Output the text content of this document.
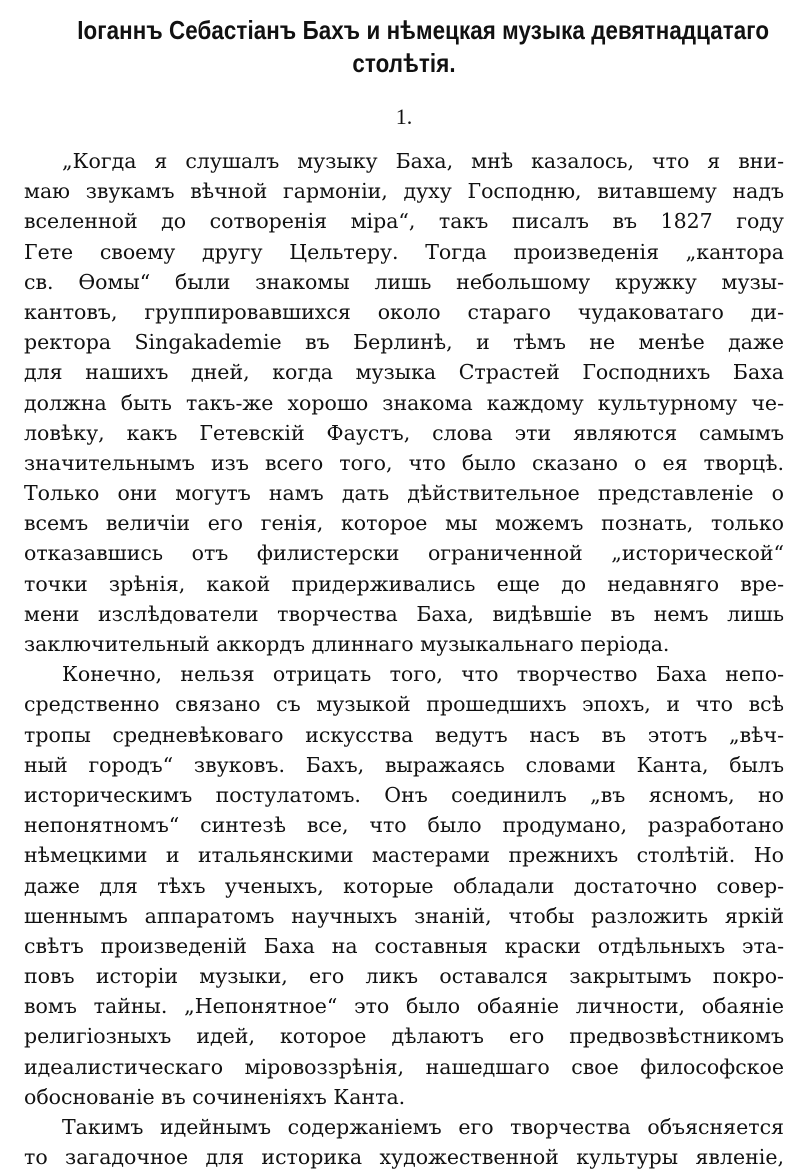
Іоганнъ Себастіанъ Бахъ и нѣмецкая музыка девятнадцатаго
столѣтія.
1.

„Когда я слушалъ музыку Баха, мнѣ казалось, что я вни-
маю звукамъ вѣчной гармоніи, духу Господню, витавшему надъ
вселенной до сотворенія міра“, такъ писалъ въ 1827 году
Гете своему другу Цельтеру. Тогда произведенія „кантора
св. Ѳомы“ были знакомы лишь небольшому кружку музы-
кантовъ, группировавшихся около стараго чудаковатаго ди-
ректора Singakademie въ Берлинѣ, и тѣмъ не менѣе даже
для нашихъ дней, когда музыка Страстей Господнихъ Баха
должна быть такъ-же хорошо знакома каждому культурному че-
ловѣку, какъ Гетевскій Фаустъ, слова эти являются самымъ
значительнымъ изъ всего того, что было сказано о ея творцѣ.
Только они могутъ намъ дать дѣйствительное представленіе о
всемъ величіи его генія, которое мы можемъ познать, только
отказавшись отъ филистерски ограниченной „исторической“
точки зрѣнія, какой придерживались еще до недавняго вре-
мени изслѣдователи творчества Баха, видѣвшіе въ немъ лишь
заключительный аккордъ длиннаго музыкальнаго періода.

Конечно, нельзя отрицать того, что творчество Баха непо-
средственно связано съ музыкой прошедшихъ эпохъ, и что всѣ
тропы средневѣковаго искусства ведутъ насъ въ этотъ „вѣч-
ный городъ“ звуковъ. Бахъ, выражаясь словами Канта, былъ
историческимъ постулатомъ. Онъ соединилъ „въ ясномъ, но
непонятномъ“ синтезѣ все, что было продумано, разработано
нѣмецкими и итальянскими мастерами прежнихъ столѣтій. Но
даже для тѣхъ ученыхъ, которые обладали достаточно совер-
шеннымъ аппаратомъ научныхъ знаній, чтобы разложить яркій
свѣтъ произведеній Баха на составныя краски отдѣльныхъ эта-
повъ исторіи музыки, его ликъ оставался закрытымъ покро-
вомъ тайны. „Непонятное“ это было обаяніе личности, обаяніе
религіозныхъ идей, которое дѣлаютъ его предвозвѣстникомъ
идеалистическаго міровоззрѣнія, нашедшаго свое философское
обоснованіе въ сочиненіяхъ Канта.

Такимъ идейнымъ содержаніемъ его творчества объясняется
то загадочное для историка художественной культуры явленіе,
